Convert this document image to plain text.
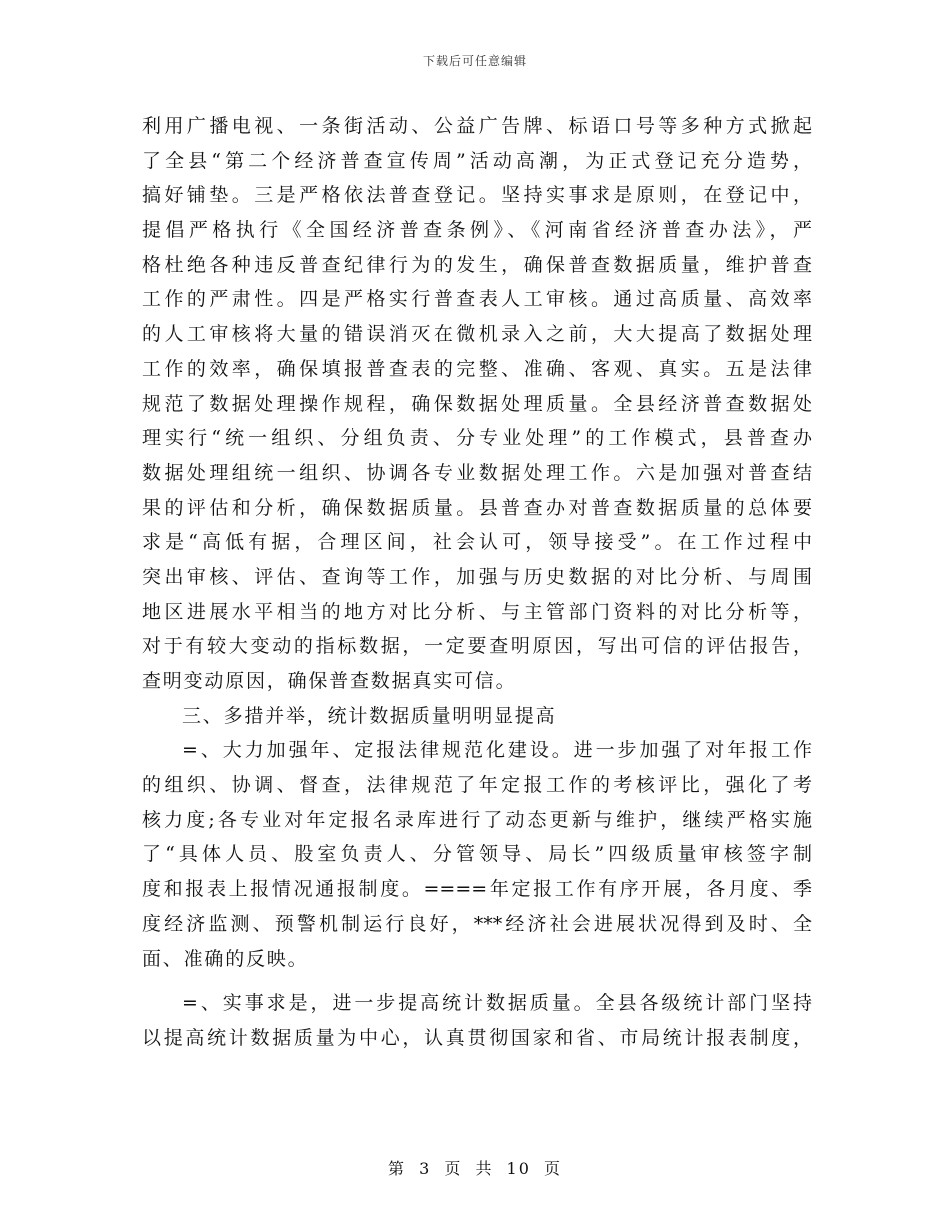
下载后可任意编辑
利用广播电视、一条街活动、公益广告牌、标语口号等多种方式掀起
了全县“第二个经济普查宣传周”活动高潮，为正式登记充分造势，
搞好铺垫。三是严格依法普查登记。坚持实事求是原则，在登记中，
提倡严格执行《全国经济普查条例》、《河南省经济普查办法》，严
格杜绝各种违反普查纪律行为的发生，确保普查数据质量，维护普查
工作的严肃性。四是严格实行普查表人工审核。通过高质量、高效率
的人工审核将大量的错误消灭在微机录入之前，大大提高了数据处理
工作的效率，确保填报普查表的完整、准确、客观、真实。五是法律
规范了数据处理操作规程，确保数据处理质量。全县经济普查数据处
理实行“统一组织、分组负责、分专业处理”的工作模式，县普查办
数据处理组统一组织、协调各专业数据处理工作。六是加强对普查结
果的评估和分析，确保数据质量。县普查办对普查数据质量的总体要
求是“高低有据，合理区间，社会认可，领导接受”。在工作过程中
突出审核、评估、查询等工作，加强与历史数据的对比分析、与周围
地区进展水平相当的地方对比分析、与主管部门资料的对比分析等，
对于有较大变动的指标数据，一定要查明原因，写出可信的评估报告，
查明变动原因，确保普查数据真实可信。
三、多措并举，统计数据质量明明显提高
=、大力加强年、定报法律规范化建设。进一步加强了对年报工作
的组织、协调、督查，法律规范了年定报工作的考核评比，强化了考
核力度;各专业对年定报名录库进行了动态更新与维护，继续严格实施
了“具体人员、股室负责人、分管领导、局长”四级质量审核签字制
度和报表上报情况通报制度。====年定报工作有序开展，各月度、季
度经济监测、预警机制运行良好，***经济社会进展状况得到及时、全
面、准确的反映。
=、实事求是，进一步提高统计数据质量。全县各级统计部门坚持
以提高统计数据质量为中心，认真贯彻国家和省、市局统计报表制度，
第 3 页 共 10 页
